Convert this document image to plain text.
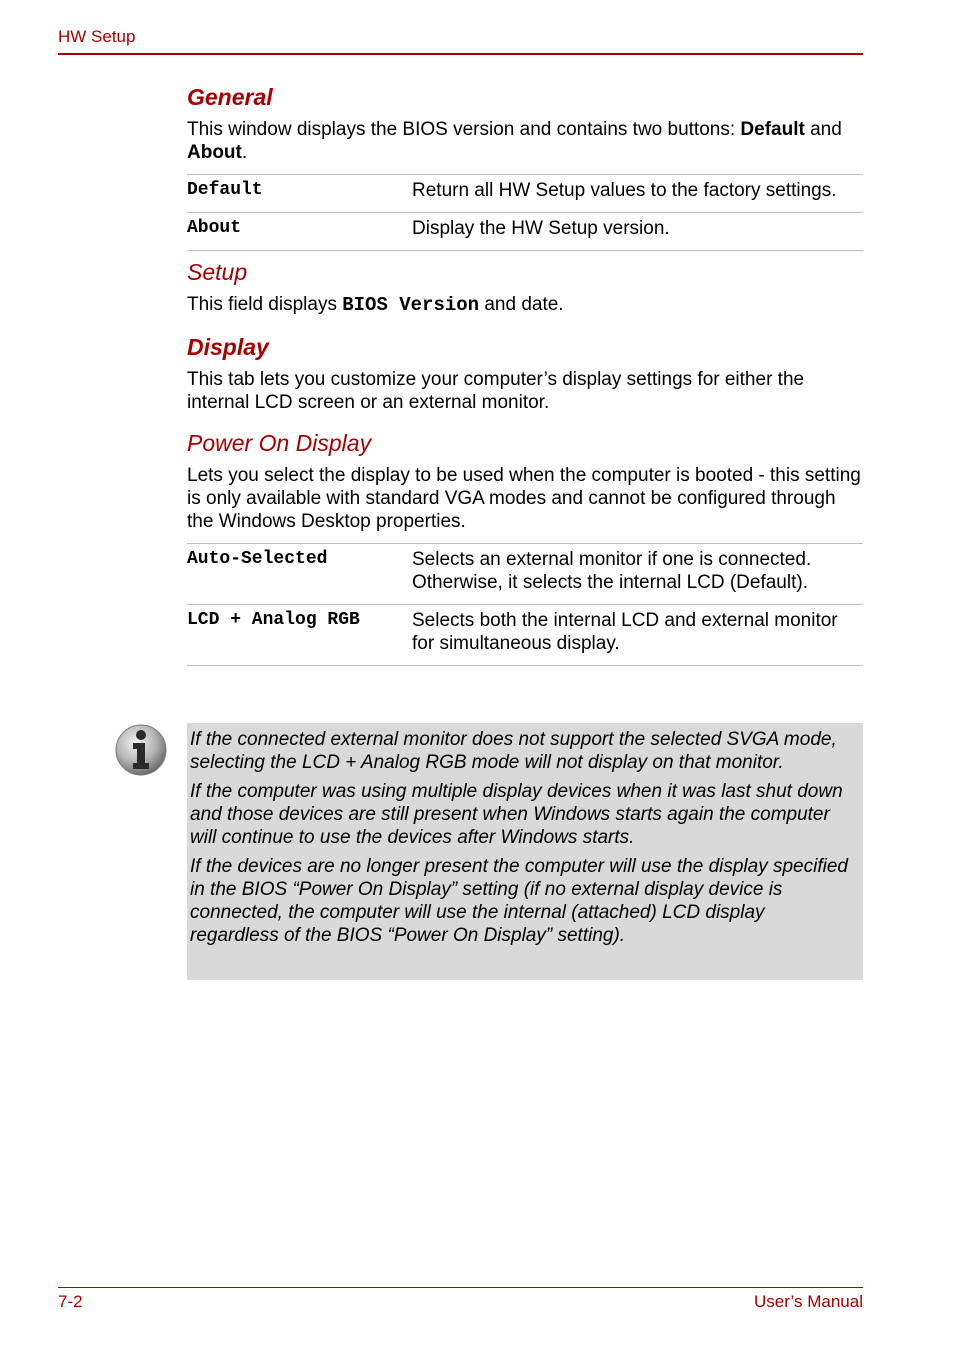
HW Setup
General

This window displays the BIOS version and contains two buttons: Default and About.

Default	Return all HW Setup values to the factory settings.
About	Display the HW Setup version.
Setup

This field displays BIOS Version and date.

Display

This tab lets you customize your computer’s display settings for either the internal LCD screen or an external monitor.

Power On Display

Lets you select the display to be used when the computer is booted - this setting is only available with standard VGA modes and cannot be configured through the Windows Desktop properties.

Auto-Selected	Selects an external monitor if one is connected. Otherwise, it selects the internal LCD (Default).
LCD + Analog RGB	Selects both the internal LCD and external monitor for simultaneous display.

If the connected external monitor does not support the selected SVGA mode, selecting the LCD + Analog RGB mode will not display on that monitor.

If the computer was using multiple display devices when it was last shut down and those devices are still present when Windows starts again the computer will continue to use the devices after Windows starts.

If the devices are no longer present the computer will use the display specified in the BIOS “Power On Display” setting (if no external display device is connected, the computer will use the internal (attached) LCD display regardless of the BIOS “Power On Display” setting).

7-2	User’s Manual
